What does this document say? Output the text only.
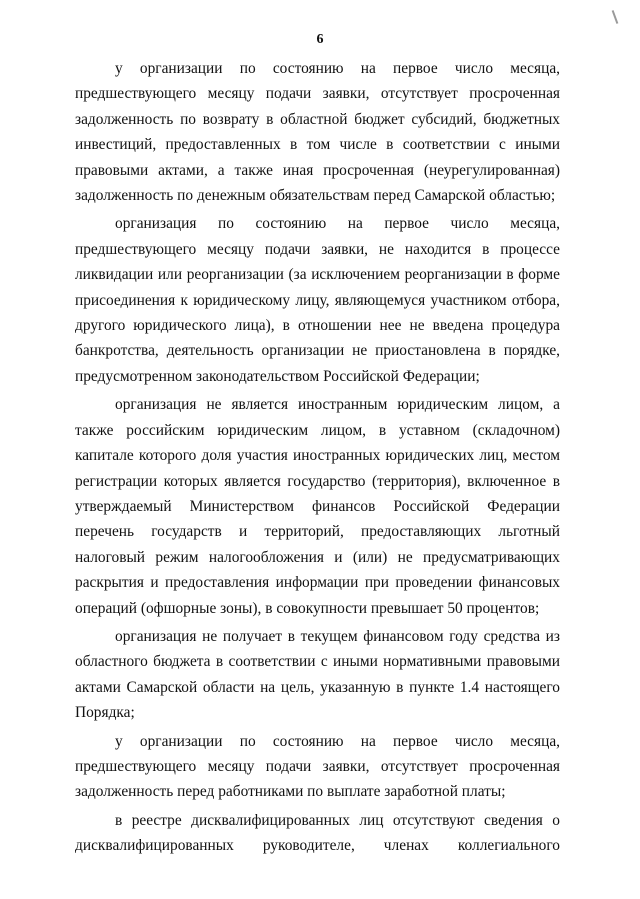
6

у организации по состоянию на первое число месяца, предшествующего месяцу подачи заявки, отсутствует просроченная задолженность по возврату в областной бюджет субсидий, бюджетных инвестиций, предоставленных в том числе в соответствии с иными правовыми актами, а также иная просроченная (неурегулированная) задолженность по денежным обязательствам перед Самарской областью;

организация по состоянию на первое число месяца, предшествующего месяцу подачи заявки, не находится в процессе ликвидации или реорганизации (за исключением реорганизации в форме присоединения к юридическому лицу, являющемуся участником отбора, другого юридического лица), в отношении нее не введена процедура банкротства, деятельность организации не приостановлена в порядке, предусмотренном законодательством Российской Федерации;

организация не является иностранным юридическим лицом, а также российским юридическим лицом, в уставном (складочном) капитале которого доля участия иностранных юридических лиц, местом регистрации которых является государство (территория), включенное в утверждаемый Министерством финансов Российской Федерации перечень государств и территорий, предоставляющих льготный налоговый режим налогообложения и (или) не предусматривающих раскрытия и предоставления информации при проведении финансовых операций (офшорные зоны), в совокупности превышает 50 процентов;

организация не получает в текущем финансовом году средства из областного бюджета в соответствии с иными нормативными правовыми актами Самарской области на цель, указанную в пункте 1.4 настоящего Порядка;

у организации по состоянию на первое число месяца, предшествующего месяцу подачи заявки, отсутствует просроченная задолженность перед работниками по выплате заработной платы;

в реестре дисквалифицированных лиц отсутствуют сведения о дисквалифицированных руководителе, членах коллегиального
